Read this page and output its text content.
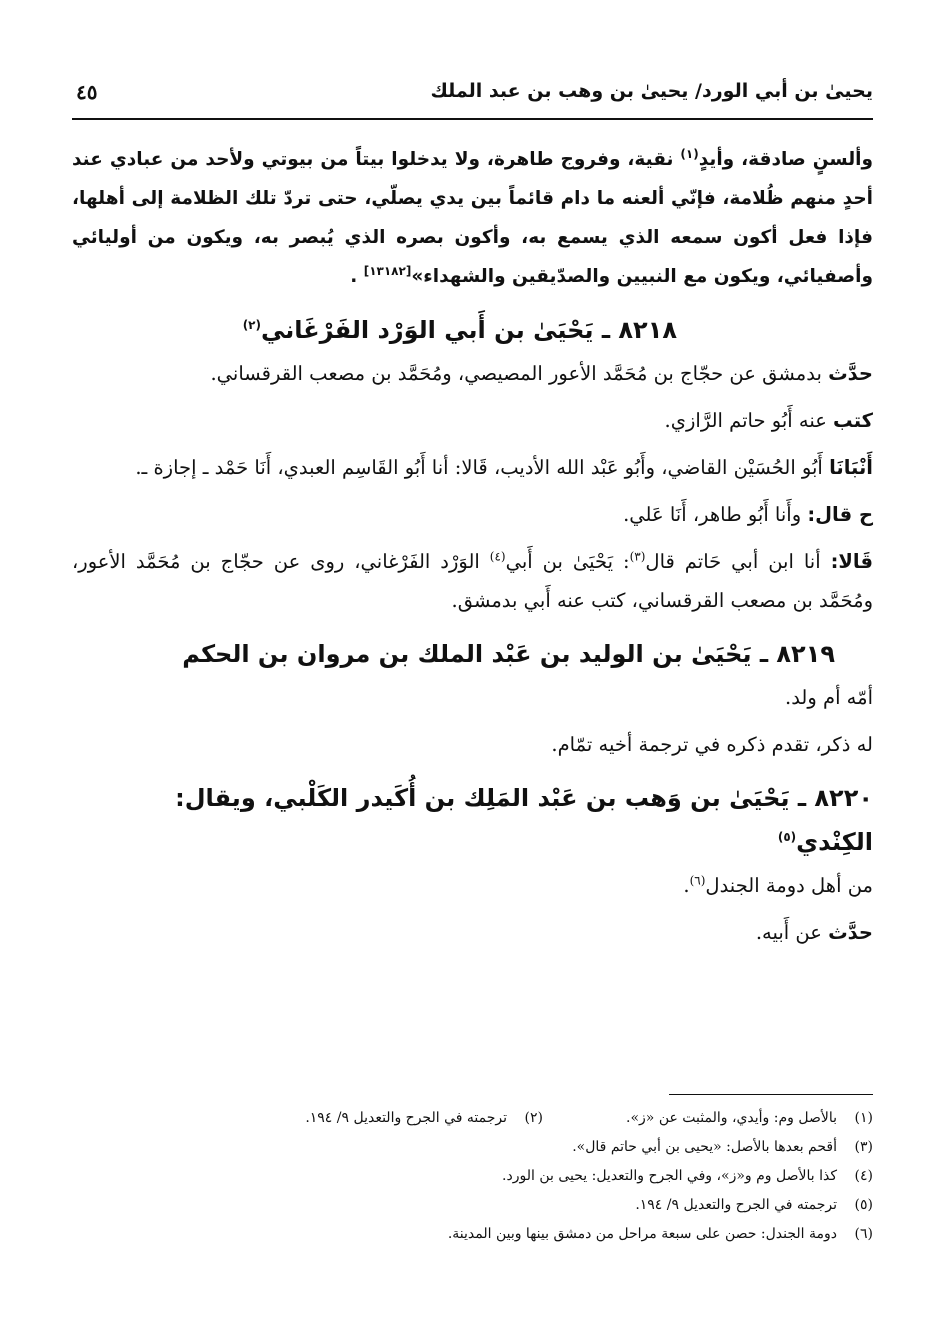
يحيىٰ بن أبي الورد/ يحيىٰ بن وهب بن عبد الملك
٤٥

وألسنٍ صادقة، وأيدٍ$^{(١)}$ نقية، وفروج طاهرة، ولا يدخلوا بيتاً من بيوتي ولأحد من عبادي عند أحدٍ منهم ظُلامة، فإنّي ألعنه ما دام قائماً بين يدي يصلّي، حتى تردّ تلك الظلامة إلى أهلها، فإذا فعل أكون سمعه الذي يسمع به، وأكون بصره الذي يُبصر به، ويكون من أوليائي وأصفيائي، ويكون مع النبيين والصدّيقين والشهداء»[١٣١٨٢] .

٨٢١٨ ـ يَحْيَىٰ بن أَبي الوَرْد الفَرْغَاني$^{(٢)}$

حدَّث بدمشق عن حجّاج بن مُحَمَّد الأعور المصيصي، ومُحَمَّد بن مصعب القرقساني.

كتب عنه أَبُو حاتم الرَّازي.

أَنْبَانَا أَبُو الحُسَيْن القاضي، وأَبُو عَبْد الله الأديب، قَالا: أنا أَبُو القَاسِم العبدي، أَنَا حَمْد ـ إجازة ـ.

ح قال: وأَنا أَبُو طاهر، أَنَا عَلي.

قَالا: أنا ابن أبي حَاتم قال$^{(٣)}$: يَحْيَىٰ بن أَبي$^{(٤)}$ الوَرْد الفَرْغاني، روى عن حجّاج بن مُحَمَّد الأعور، ومُحَمَّد بن مصعب القرقساني، كتب عنه أَبي بدمشق.

٨٢١٩ ـ يَحْيَىٰ بن الوليد بن عَبْد الملك بن مروان بن الحكم

أمّه أم ولد.

له ذكر، تقدم ذكره في ترجمة أخيه تمّام.

٨٢٢٠ ـ يَحْيَىٰ بن وَهب بن عَبْد المَلِك بن أُكَيدر الكَلْبي، ويقال: الكِنْدي$^{(٥)}$

من أهل دومة الجندل$^{(٦)}$.

حدَّث عن أَبيه.

(١)
بالأصل وم: وأيدي، والمثبت عن «ز».
(٢)
ترجمته في الجرح والتعديل ٩/ ١٩٤.
(٣)
أقحم بعدها بالأصل: «يحيى بن أبي حاتم قال».
(٤)
كذا بالأصل وم و«ز»، وفي الجرح والتعديل: يحيى بن الورد.
(٥)
ترجمته في الجرح والتعديل ٩/ ١٩٤.
(٦)
دومة الجندل: حصن على سبعة مراحل من دمشق بينها وبين المدينة.
